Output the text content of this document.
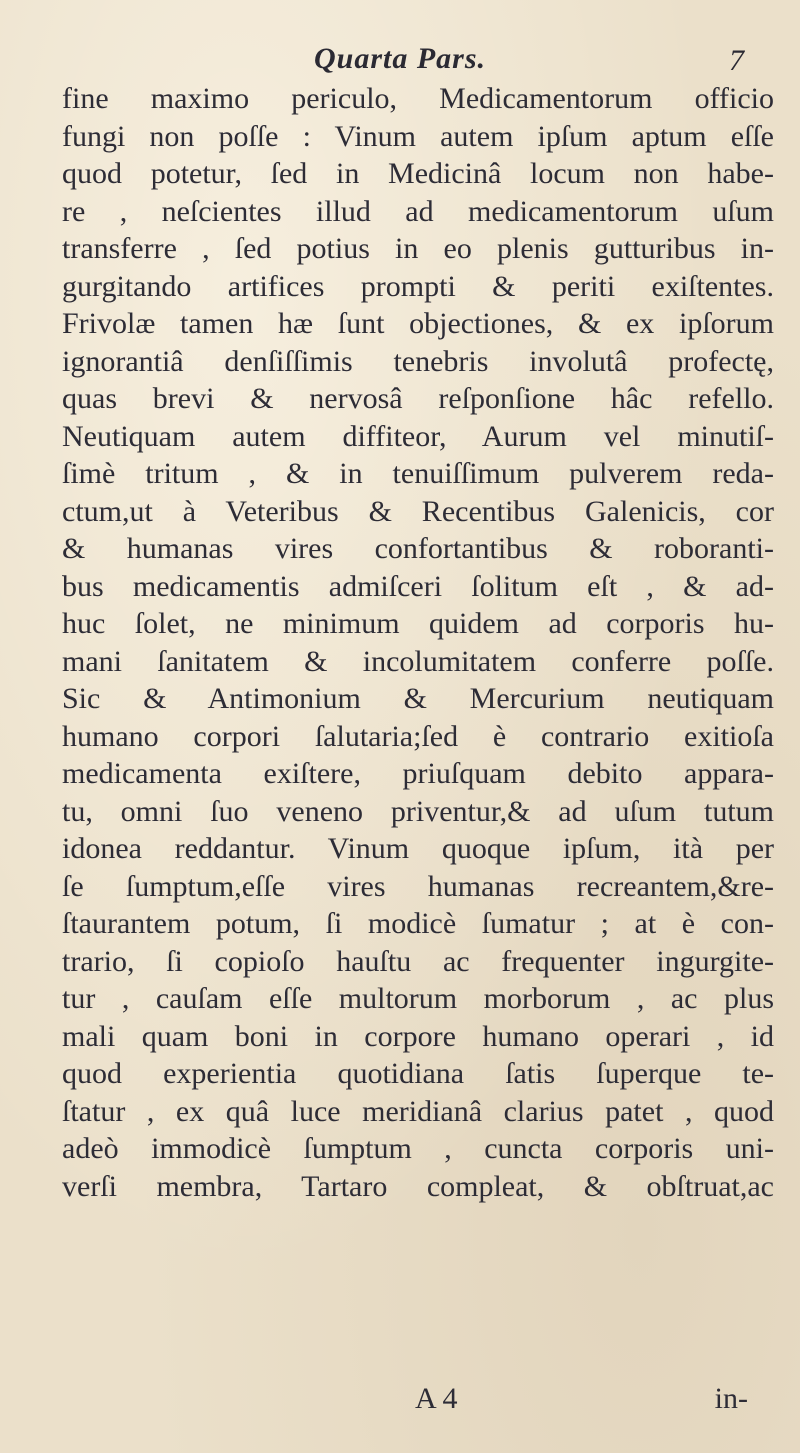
Quarta Pars.	7
fine maximo periculo, Medicamentorum officio
fungi non poſſe : Vinum autem ipſum aptum eſſe
quod potetur, ſed in Medicinâ locum non habe-
re , neſcientes illud ad medicamentorum uſum
transferre , ſed potius in eo plenis gutturibus in-
gurgitando artifices prompti & periti exiſtentes.
Frivolæ tamen hæ ſunt objectiones, & ex ipſorum
ignorantiâ denſiſſimis tenebris involutâ profectę,
quas brevi & nervosâ reſponſione hâc refello.
Neutiquam autem diffiteor, Aurum vel minutiſ-
ſimè tritum , & in tenuiſſimum pulverem reda-
ctum,ut à Veteribus & Recentibus Galenicis, cor
& humanas vires confortantibus & roboranti-
bus medicamentis admiſceri ſolitum eſt , & ad-
huc ſolet, ne minimum quidem ad corporis hu-
mani ſanitatem & incolumitatem conferre poſſe.
Sic & Antimonium & Mercurium neutiquam
humano corpori ſalutaria;ſed è contrario exitioſa
medicamenta exiſtere, priuſquam debito appara-
tu, omni ſuo veneno priventur,& ad uſum tutum
idonea reddantur. Vinum quoque ipſum, ità per
ſe ſumptum,eſſe vires humanas recreantem,&re-
ſtaurantem potum, ſi modicè ſumatur ; at è con-
trario, ſi copioſo hauſtu ac frequenter ingurgite-
tur , cauſam eſſe multorum morborum , ac plus
mali quam boni in corpore humano operari , id
quod experientia quotidiana ſatis ſuperque te-
ſtatur , ex quâ luce meridianâ clarius patet , quod
adeò immodicè ſumptum , cuncta corporis uni-
verſi membra, Tartaro compleat, & obſtruat,ac
A 4	in-
